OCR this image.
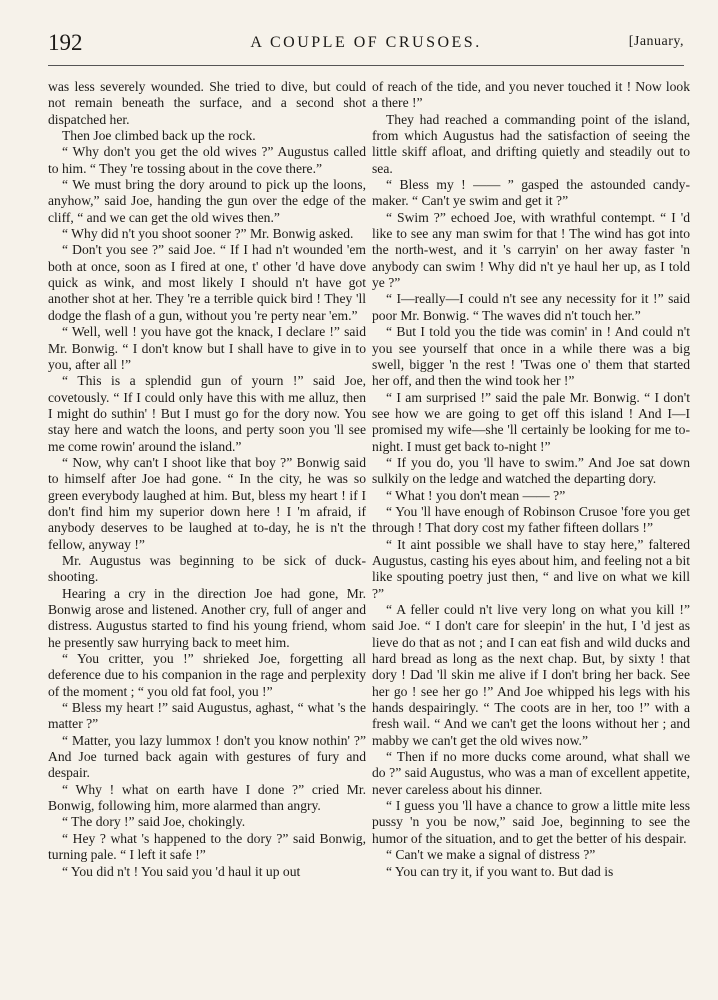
192	A COUPLE OF CRUSOES.	[January,

was less severely wounded. She tried to dive, but could not remain beneath the surface, and a second shot dispatched her.

Then Joe climbed back up the rock.

“ Why don't you get the old wives ?” Augustus called to him. “ They 're tossing about in the cove there.”

“ We must bring the dory around to pick up the loons, anyhow,” said Joe, handing the gun over the edge of the cliff, “ and we can get the old wives then.”

“ Why did n't you shoot sooner ?” Mr. Bonwig asked.

“ Don't you see ?” said Joe. “ If I had n't wounded 'em both at once, soon as I fired at one, t' other 'd have dove quick as wink, and most likely I should n't have got another shot at her. They 're a terrible quick bird ! They 'll dodge the flash of a gun, without you 're perty near 'em.”

“ Well, well ! you have got the knack, I declare !” said Mr. Bonwig. “ I don't know but I shall have to give in to you, after all !”

“ This is a splendid gun of yourn !” said Joe, covetously. “ If I could only have this with me alluz, then I might do suthin' ! But I must go for the dory now. You stay here and watch the loons, and perty soon you 'll see me come rowin' around the island.”

“ Now, why can't I shoot like that boy ?” Bonwig said to himself after Joe had gone. “ In the city, he was so green everybody laughed at him. But, bless my heart ! if I don't find him my superior down here ! I 'm afraid, if anybody deserves to be laughed at to-day, he is n't the fellow, anyway !”

Mr. Augustus was beginning to be sick of duck-shooting.

Hearing a cry in the direction Joe had gone, Mr. Bonwig arose and listened. Another cry, full of anger and distress. Augustus started to find his young friend, whom he presently saw hurrying back to meet him.

“ You critter, you !” shrieked Joe, forgetting all deference due to his companion in the rage and perplexity of the moment ; “ you old fat fool, you !”

“ Bless my heart !” said Augustus, aghast, “ what 's the matter ?”

“ Matter, you lazy lummox ! don't you know nothin' ?” And Joe turned back again with gestures of fury and despair.

“ Why ! what on earth have I done ?” cried Mr. Bonwig, following him, more alarmed than angry.

“ The dory !” said Joe, chokingly.

“ Hey ? what 's happened to the dory ?” said Bonwig, turning pale. “ I left it safe !”

“ You did n't ! You said you 'd haul it up out

of reach of the tide, and you never touched it ! Now look a there !”

They had reached a commanding point of the island, from which Augustus had the satisfaction of seeing the little skiff afloat, and drifting quietly and steadily out to sea.

“ Bless my ! —— ” gasped the astounded candy-maker. “ Can't ye swim and get it ?”

“ Swim ?” echoed Joe, with wrathful contempt. “ I 'd like to see any man swim for that ! The wind has got into the north-west, and it 's carryin' on her away faster 'n anybody can swim ! Why did n't ye haul her up, as I told ye ?”

“ I—really—I could n't see any necessity for it !” said poor Mr. Bonwig. “ The waves did n't touch her.”

“ But I told you the tide was comin' in ! And could n't you see yourself that once in a while there was a big swell, bigger 'n the rest ! 'Twas one o' them that started her off, and then the wind took her !”

“ I am surprised !” said the pale Mr. Bonwig. “ I don't see how we are going to get off this island ! And I—I promised my wife—she 'll certainly be looking for me to-night. I must get back to-night !”

“ If you do, you 'll have to swim.” And Joe sat down sulkily on the ledge and watched the departing dory.

“ What ! you don't mean —— ?”

“ You 'll have enough of Robinson Crusoe 'fore you get through ! That dory cost my father fifteen dollars !”

“ It aint possible we shall have to stay here,” faltered Augustus, casting his eyes about him, and feeling not a bit like spouting poetry just then, “ and live on what we kill ?”

“ A feller could n't live very long on what you kill !” said Joe. “ I don't care for sleepin' in the hut, I 'd jest as lieve do that as not ; and I can eat fish and wild ducks and hard bread as long as the next chap. But, by sixty ! that dory ! Dad 'll skin me alive if I don't bring her back. See her go ! see her go !” And Joe whipped his legs with his hands despairingly. “ The coots are in her, too !” with a fresh wail. “ And we can't get the loons without her ; and mabby we can't get the old wives now.”

“ Then if no more ducks come around, what shall we do ?” said Augustus, who was a man of excellent appetite, never careless about his dinner.

“ I guess you 'll have a chance to grow a little mite less pussy 'n you be now,” said Joe, beginning to see the humor of the situation, and to get the better of his despair.

“ Can't we make a signal of distress ?”

“ You can try it, if you want to. But dad is
